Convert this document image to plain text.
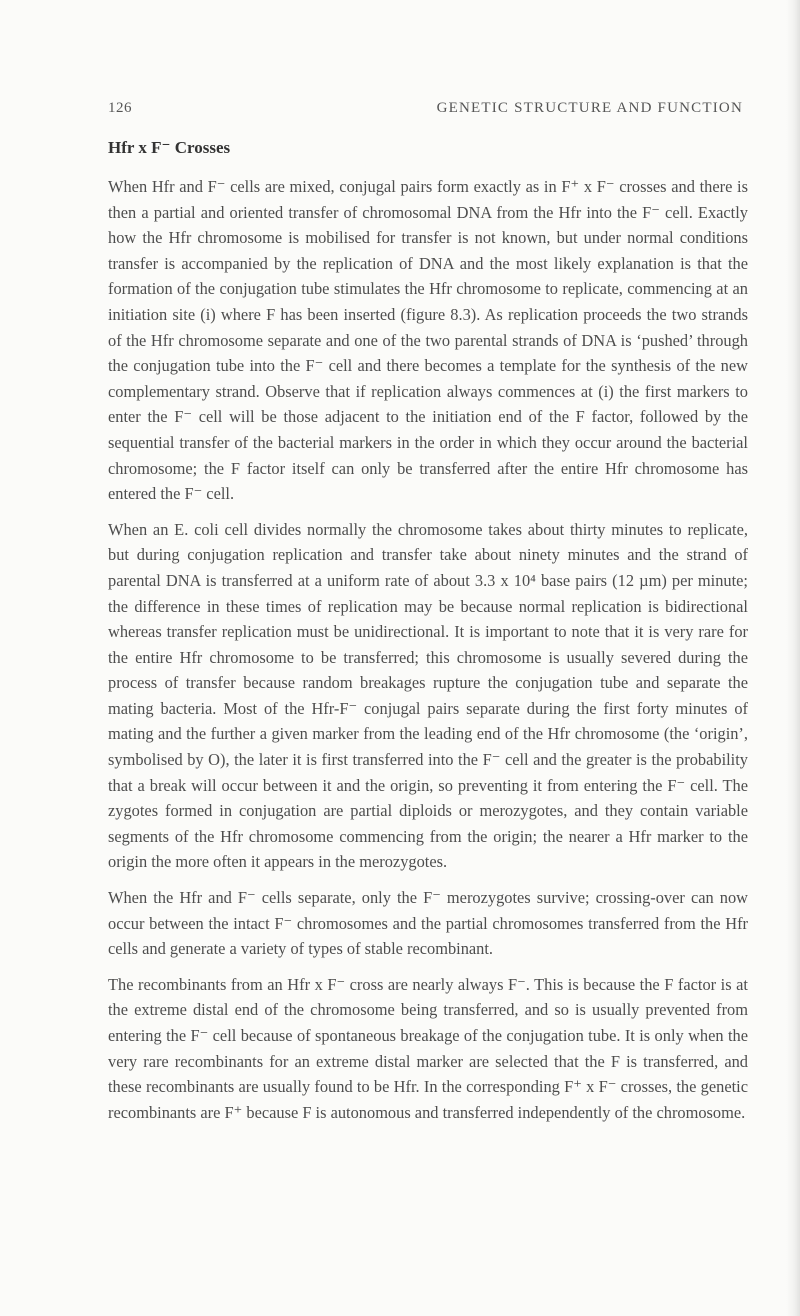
126	GENETIC STRUCTURE AND FUNCTION
Hfr x F⁻ Crosses

When Hfr and F⁻ cells are mixed, conjugal pairs form exactly as in F⁺ x F⁻ crosses and there is then a partial and oriented transfer of chromosomal DNA from the Hfr into the F⁻ cell. Exactly how the Hfr chromosome is mobilised for transfer is not known, but under normal conditions transfer is accompanied by the replication of DNA and the most likely explanation is that the formation of the conjugation tube stimulates the Hfr chromosome to replicate, commencing at an initiation site (i) where F has been inserted (figure 8.3). As replication proceeds the two strands of the Hfr chromosome separate and one of the two parental strands of DNA is ‘pushed’ through the conjugation tube into the F⁻ cell and there becomes a template for the synthesis of the new complementary strand. Observe that if replication always commences at (i) the first markers to enter the F⁻ cell will be those adjacent to the initiation end of the F factor, followed by the sequential transfer of the bacterial markers in the order in which they occur around the bacterial chromosome; the F factor itself can only be transferred after the entire Hfr chromosome has entered the F⁻ cell.

When an E. coli cell divides normally the chromosome takes about thirty minutes to replicate, but during conjugation replication and transfer take about ninety minutes and the strand of parental DNA is transferred at a uniform rate of about 3.3 x 10⁴ base pairs (12 µm) per minute; the difference in these times of replication may be because normal replication is bidirectional whereas transfer replication must be unidirectional. It is important to note that it is very rare for the entire Hfr chromosome to be transferred; this chromosome is usually severed during the process of transfer because random breakages rupture the conjugation tube and separate the mating bacteria. Most of the Hfr-F⁻ conjugal pairs separate during the first forty minutes of mating and the further a given marker from the leading end of the Hfr chromosome (the ‘origin’, symbolised by O), the later it is first transferred into the F⁻ cell and the greater is the probability that a break will occur between it and the origin, so preventing it from entering the F⁻ cell. The zygotes formed in conjugation are partial diploids or merozygotes, and they contain variable segments of the Hfr chromosome commencing from the origin; the nearer a Hfr marker to the origin the more often it appears in the merozygotes.

When the Hfr and F⁻ cells separate, only the F⁻ merozygotes survive; crossing-over can now occur between the intact F⁻ chromosomes and the partial chromosomes transferred from the Hfr cells and generate a variety of types of stable recombinant.

The recombinants from an Hfr x F⁻ cross are nearly always F⁻. This is because the F factor is at the extreme distal end of the chromosome being transferred, and so is usually prevented from entering the F⁻ cell because of spontaneous breakage of the conjugation tube. It is only when the very rare recombinants for an extreme distal marker are selected that the F is transferred, and these recombinants are usually found to be Hfr. In the corresponding F⁺ x F⁻ crosses, the genetic recombinants are F⁺ because F is autonomous and transferred independently of the chromosome.
